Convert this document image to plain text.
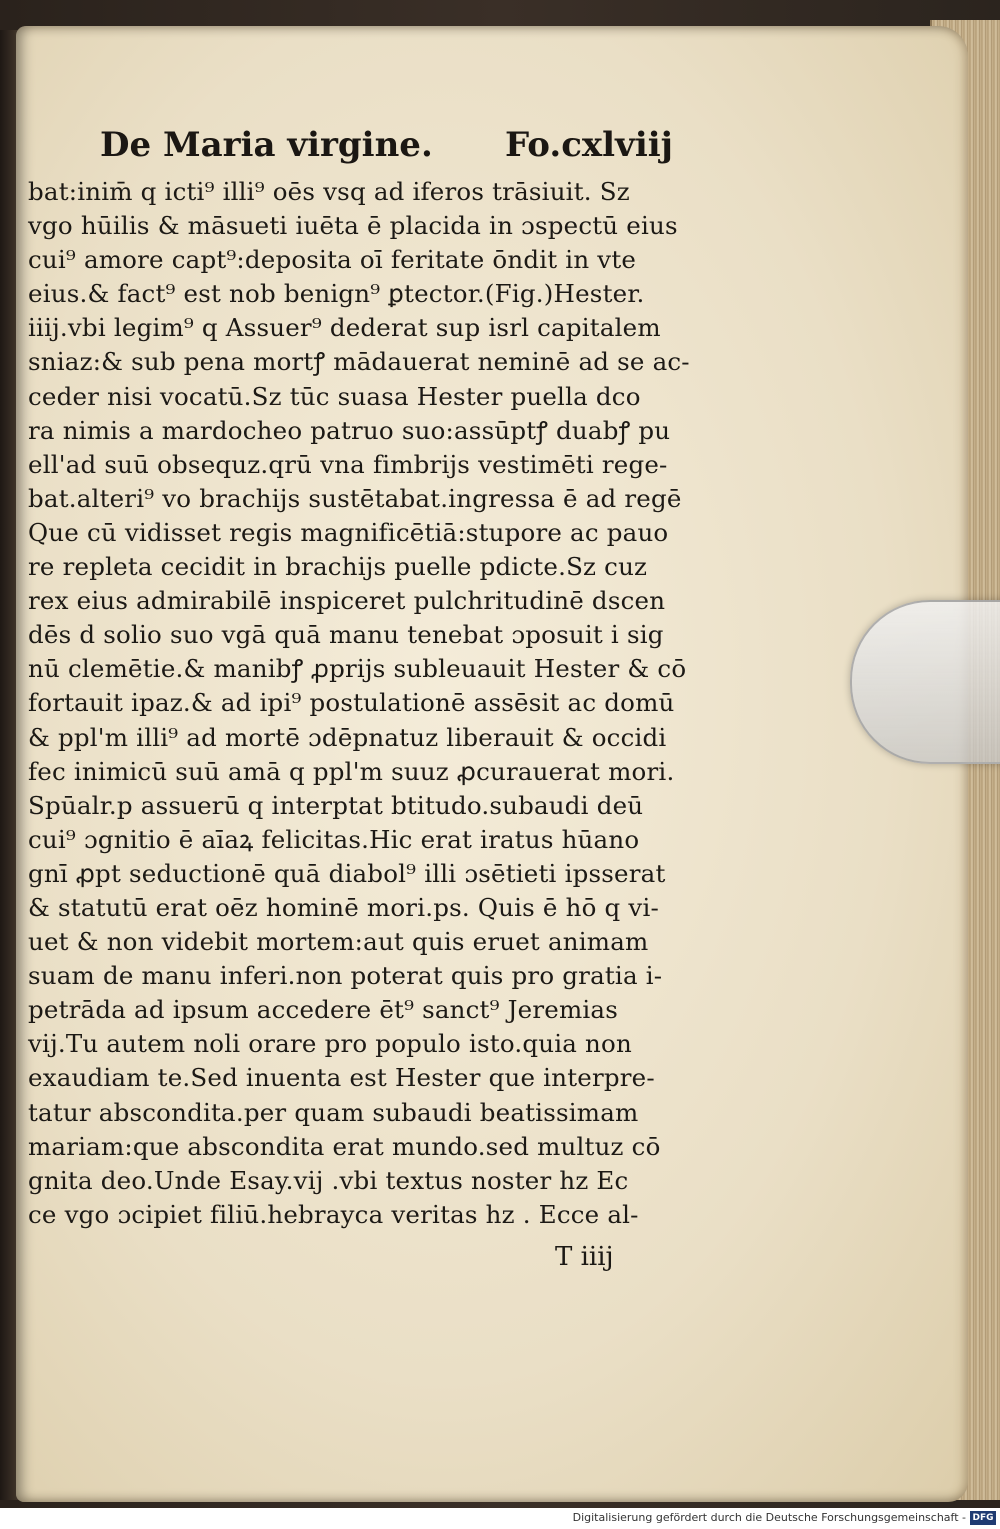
De Maria virgine. Fo.cxlviij
bat:inim̄ q icti⁹ illi⁹ oēs vsq ad iferos trāsiuit. Sz
vgo hūilis & māsueti iuēta ē placida in ɔspectū eius
cui⁹ amore capt⁹:deposita oī feritate ōndit in vte
eius.& fact⁹ est nob benign⁹ ꝑtector.(Fig.)Hester.
iiij.vbi legim⁹ q Assuer⁹ dederat sup isrl capitalem
sniaz:& sub pena mortꝭ mādauerat neminē ad se ac-
ceder nisi vocatū.Sz tūc suasa Hester puella dco
ra nimis a mardocheo patruo suo:assūptꝭ duabꝭ pu
ell'ad suū obsequz.qrū vna fimbrijs vestimēti rege-
bat.alteri⁹ vo brachijs sustētabat.ingressa ē ad regē
Que cū vidisset regis magnificētiā:stupore ac pauo
re repleta cecidit in brachijs puelle pdicte.Sz cuz
rex eius admirabilē inspiceret pulchritudinē dscen
dēs d solio suo vgā quā manu tenebat ɔposuit i sig
nū clemētie.& manibꝭ ꝓprijs subleuauit Hester & cō
fortauit ipaz.& ad ipi⁹ postulationē assēsit ac domū
& ppl'm illi⁹ ad mortē ɔdēpnatuz liberauit & occidi
fec inimicū suū amā q ppl'm suuz ꝓcurauerat mori.
Spūalr.p assuerū q interptat btitudo.subaudi deū
cui⁹ ɔgnitio ē aīaꝝ felicitas.Hic erat iratus hūano
gnī ꝓpt seductionē quā diabol⁹ illi ɔsētieti ipsserat
& statutū erat oēz hominē mori.ps. Quis ē hō q vi-
uet & non videbit mortem:aut quis eruet animam
suam de manu inferi.non poterat quis pro gratia i-
petrāda ad ipsum accedere ēt⁹ sanct⁹ Jeremias
vij.Tu autem noli orare pro populo isto.quia non
exaudiam te.Sed inuenta est Hester que interpre-
tatur abscondita.per quam subaudi beatissimam
mariam:que abscondita erat mundo.sed multuz cō
gnita deo.Unde Esay.vij .vbi textus noster hz Ec
ce vgo ɔcipiet filiū.hebrayca veritas hz . Ecce al-
T iiij
Digitalisierung gefördert durch die Deutsche Forschungsgemeinschaft - DFG
